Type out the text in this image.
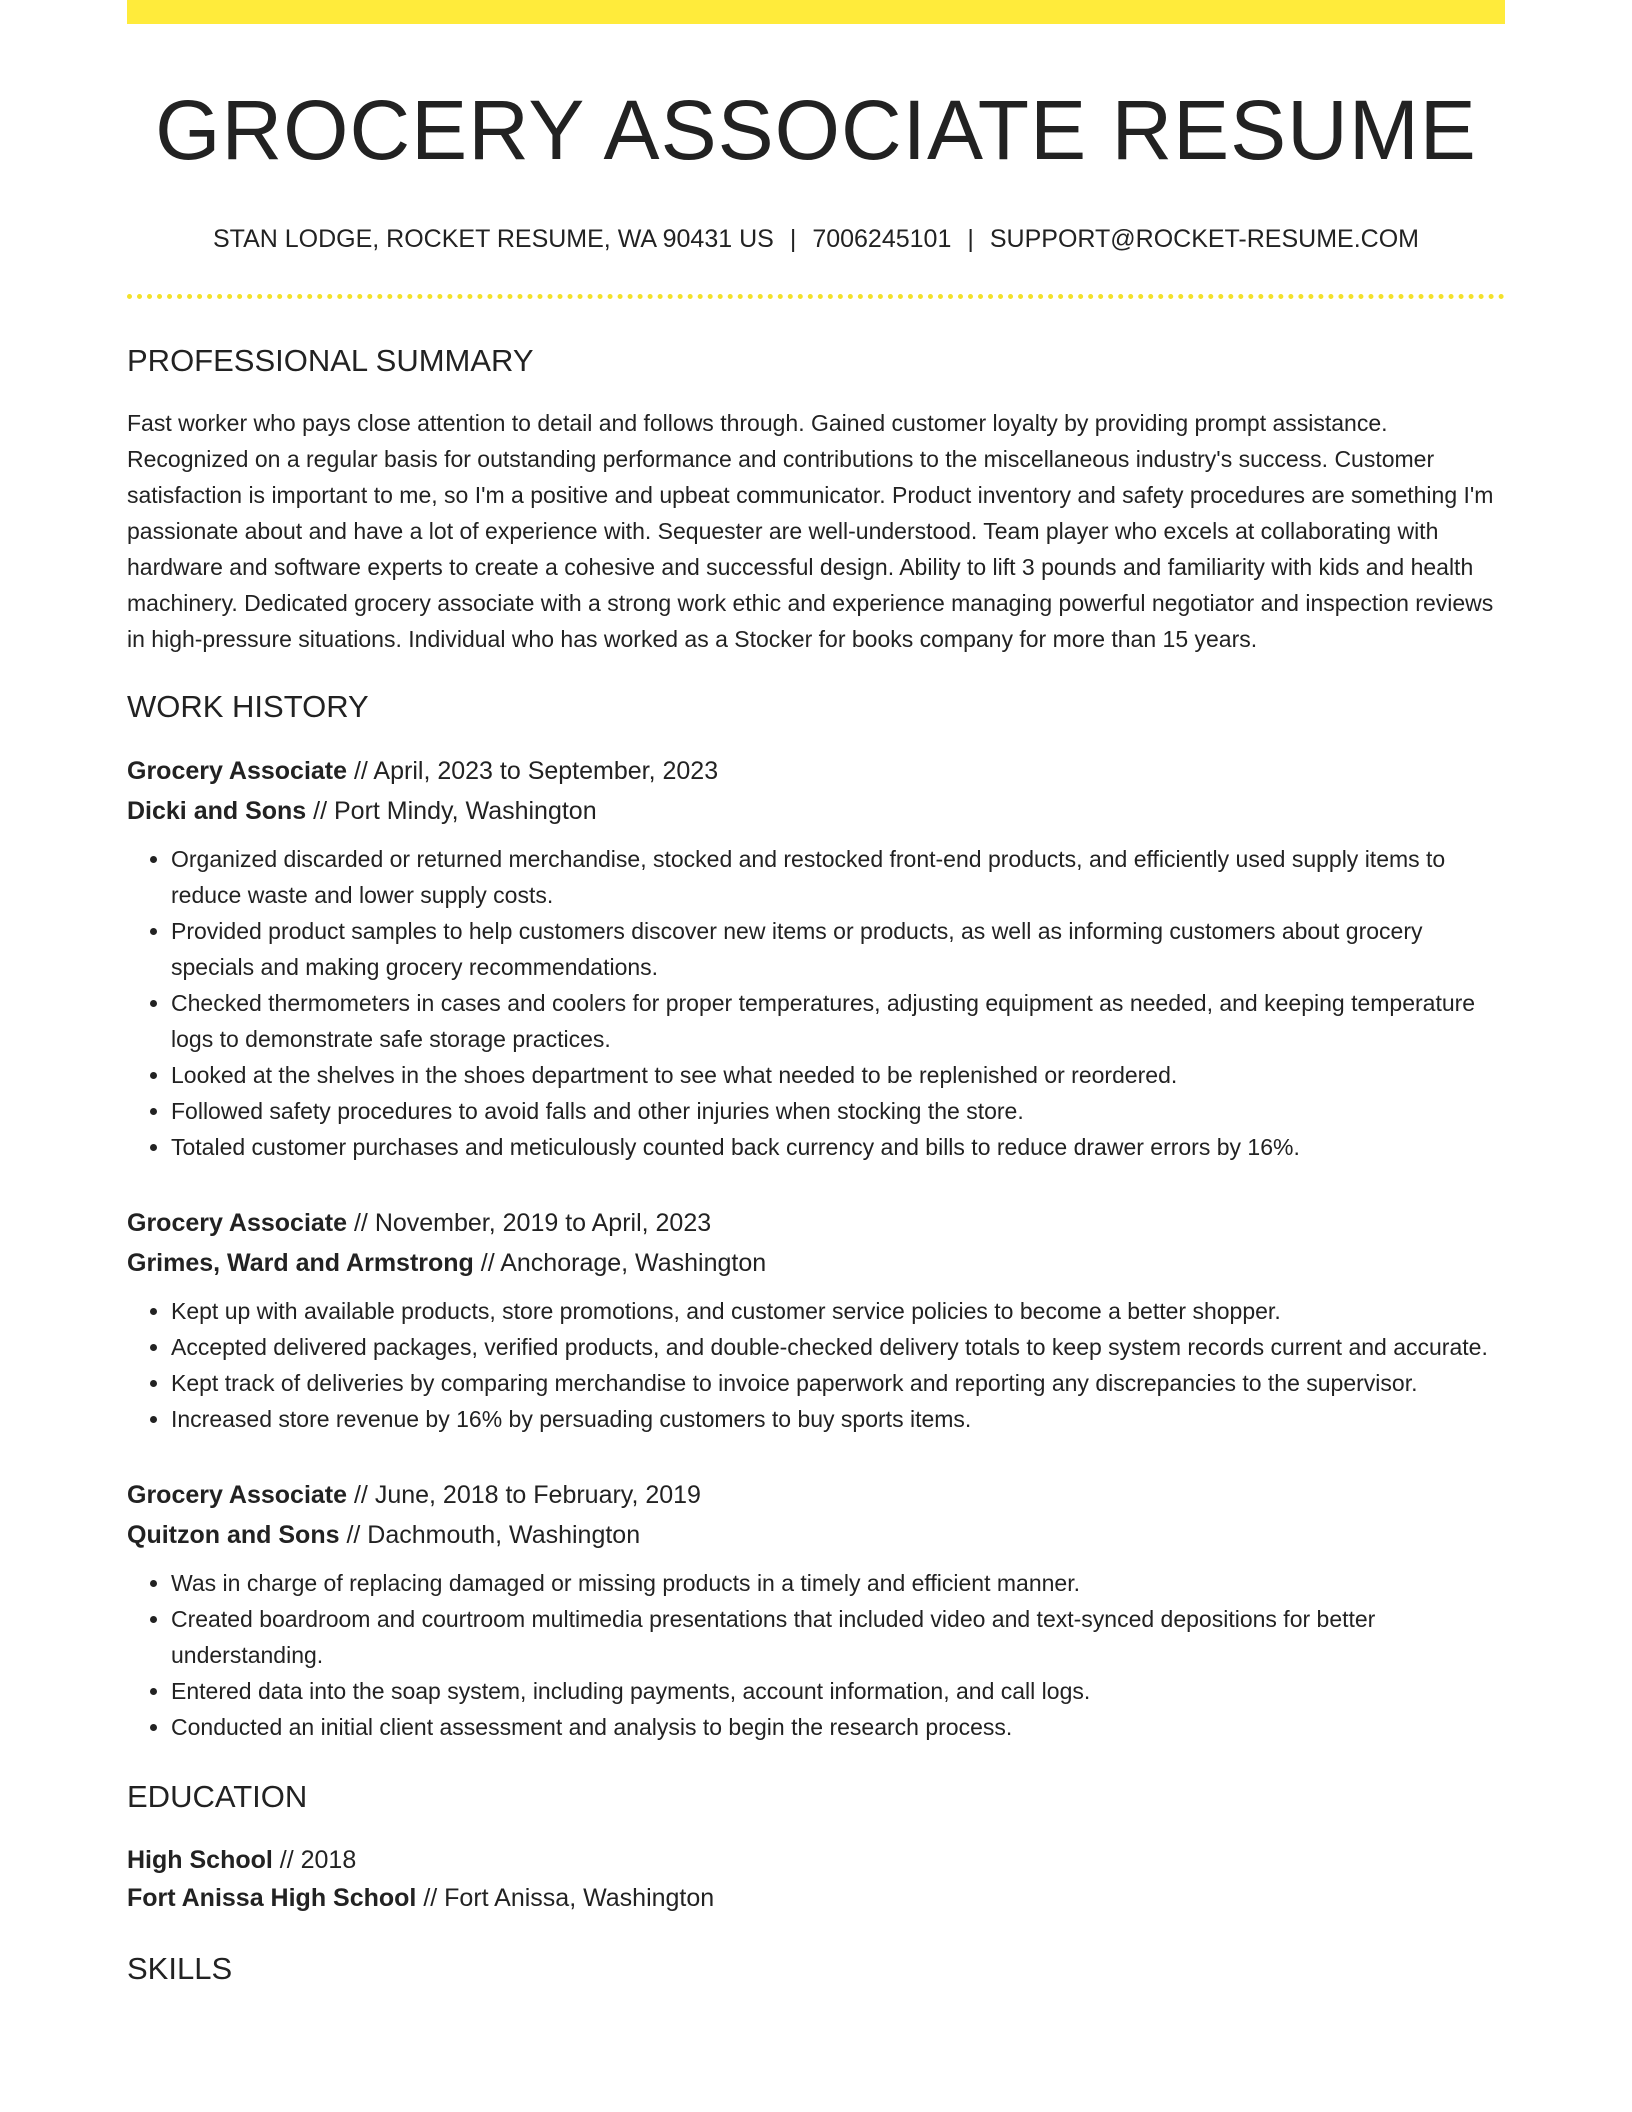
GROCERY ASSOCIATE RESUME
STAN LODGE, ROCKET RESUME, WA 90431 US | 7006245101 | SUPPORT@ROCKET-RESUME.COM
PROFESSIONAL SUMMARY
Fast worker who pays close attention to detail and follows through. Gained customer loyalty by providing prompt assistance. Recognized on a regular basis for outstanding performance and contributions to the miscellaneous industry's success. Customer satisfaction is important to me, so I'm a positive and upbeat communicator. Product inventory and safety procedures are something I'm passionate about and have a lot of experience with. Sequester are well-understood. Team player who excels at collaborating with hardware and software experts to create a cohesive and successful design. Ability to lift 3 pounds and familiarity with kids and health machinery. Dedicated grocery associate with a strong work ethic and experience managing powerful negotiator and inspection reviews in high-pressure situations. Individual who has worked as a Stocker for books company for more than 15 years.
WORK HISTORY
Grocery Associate // April, 2023 to September, 2023
Dicki and Sons // Port Mindy, Washington
• Organized discarded or returned merchandise, stocked and restocked front-end products, and efficiently used supply items to reduce waste and lower supply costs.
• Provided product samples to help customers discover new items or products, as well as informing customers about grocery specials and making grocery recommendations.
• Checked thermometers in cases and coolers for proper temperatures, adjusting equipment as needed, and keeping temperature logs to demonstrate safe storage practices.
• Looked at the shelves in the shoes department to see what needed to be replenished or reordered.
• Followed safety procedures to avoid falls and other injuries when stocking the store.
• Totaled customer purchases and meticulously counted back currency and bills to reduce drawer errors by 16%.
Grocery Associate // November, 2019 to April, 2023
Grimes, Ward and Armstrong // Anchorage, Washington
• Kept up with available products, store promotions, and customer service policies to become a better shopper.
• Accepted delivered packages, verified products, and double-checked delivery totals to keep system records current and accurate.
• Kept track of deliveries by comparing merchandise to invoice paperwork and reporting any discrepancies to the supervisor.
• Increased store revenue by 16% by persuading customers to buy sports items.
Grocery Associate // June, 2018 to February, 2019
Quitzon and Sons // Dachmouth, Washington
• Was in charge of replacing damaged or missing products in a timely and efficient manner.
• Created boardroom and courtroom multimedia presentations that included video and text-synced depositions for better understanding.
• Entered data into the soap system, including payments, account information, and call logs.
• Conducted an initial client assessment and analysis to begin the research process.
EDUCATION
High School // 2018
Fort Anissa High School // Fort Anissa, Washington
SKILLS
